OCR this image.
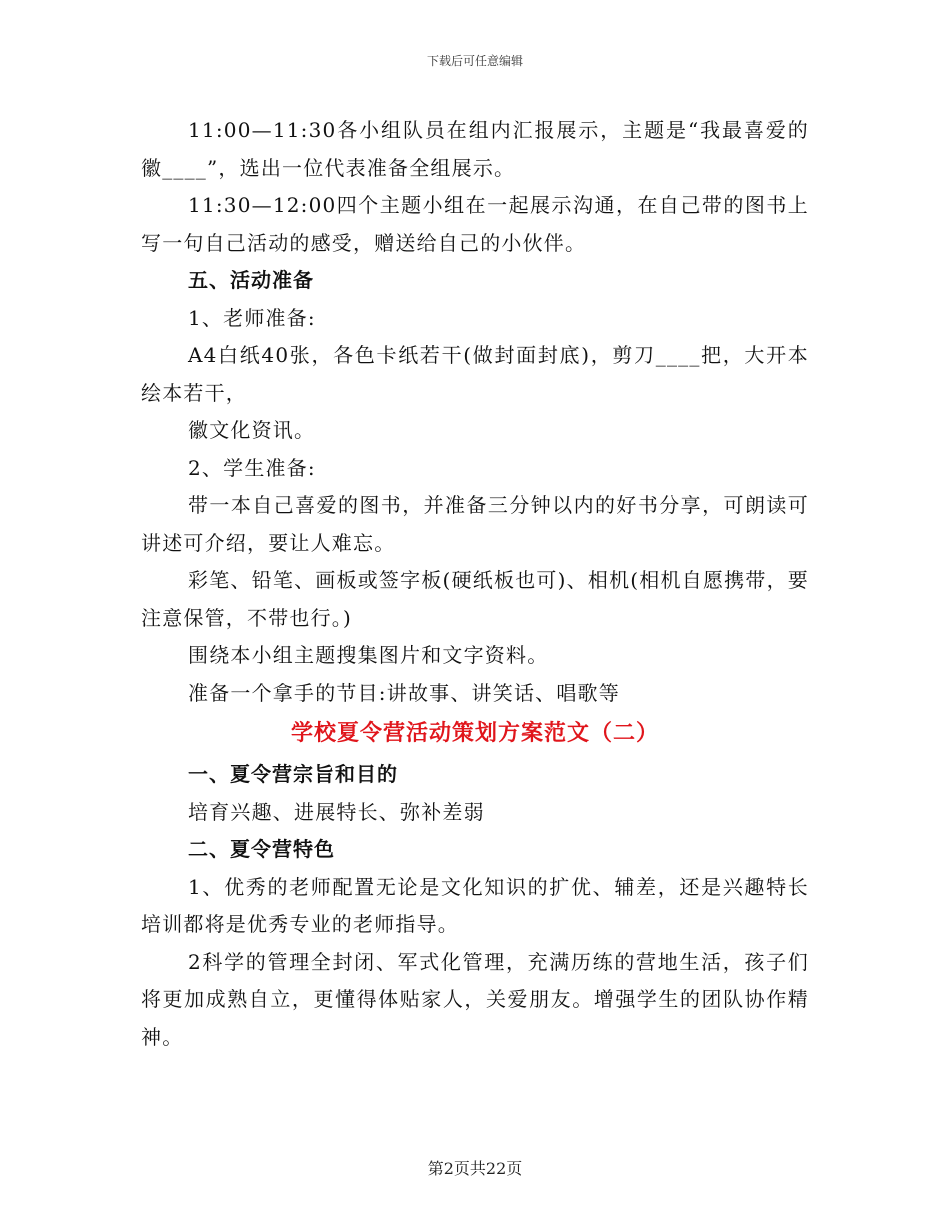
下载后可任意编辑

11:00—11:30各小组队员在组内汇报展示，主题是“我最喜爱的徽____”，选出一位代表准备全组展示。

11:30—12:00四个主题小组在一起展示沟通，在自己带的图书上写一句自己活动的感受，赠送给自己的小伙伴。

五、活动准备

1、老师准备:

A4白纸40张，各色卡纸若干(做封面封底)，剪刀____把，大开本绘本若干，

徽文化资讯。

2、学生准备:

带一本自己喜爱的图书，并准备三分钟以内的好书分享，可朗读可讲述可介绍，要让人难忘。

彩笔、铅笔、画板或签字板(硬纸板也可)、相机(相机自愿携带，要注意保管，不带也行。)

围绕本小组主题搜集图片和文字资料。

准备一个拿手的节目:讲故事、讲笑话、唱歌等

学校夏令营活动策划方案范文（二）

一、夏令营宗旨和目的

培育兴趣、进展特长、弥补差弱

二、夏令营特色

1、优秀的老师配置无论是文化知识的扩优、辅差，还是兴趣特长培训都将是优秀专业的老师指导。

2科学的管理全封闭、军式化管理，充满历练的营地生活，孩子们将更加成熟自立，更懂得体贴家人，关爱朋友。增强学生的团队协作精神。

第2页共22页
